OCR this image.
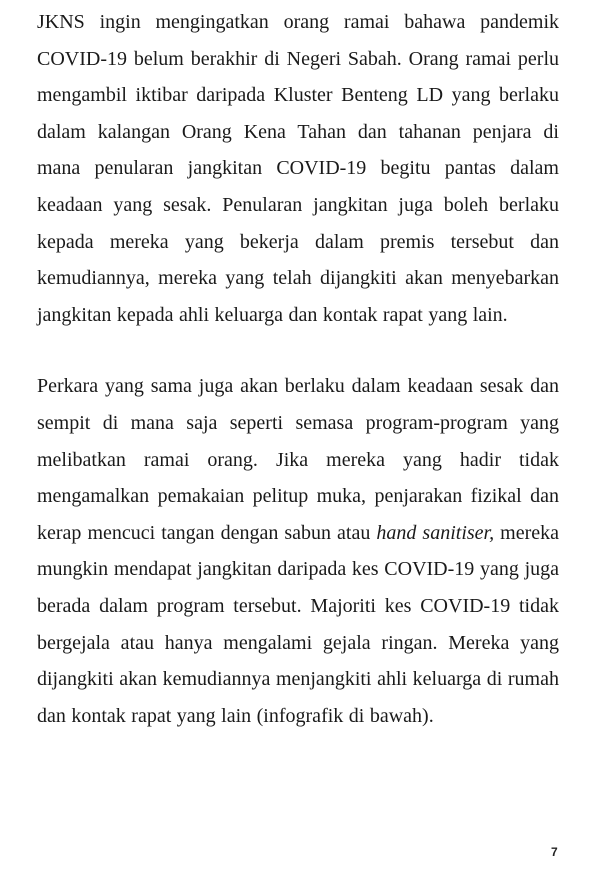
JKNS ingin mengingatkan orang ramai bahawa pandemik
COVID-19 belum berakhir di Negeri Sabah. Orang ramai perlu
mengambil iktibar daripada Kluster Benteng LD yang berlaku
dalam kalangan Orang Kena Tahan dan tahanan penjara di
mana penularan jangkitan COVID-19 begitu pantas dalam
keadaan yang sesak. Penularan jangkitan juga boleh berlaku
kepada mereka yang bekerja dalam premis tersebut dan
kemudiannya, mereka yang telah dijangkiti akan menyebarkan
jangkitan kepada ahli keluarga dan kontak rapat yang lain.

Perkara yang sama juga akan berlaku dalam keadaan sesak dan
sempit di mana saja seperti semasa program-program yang
melibatkan ramai orang. Jika mereka yang hadir tidak
mengamalkan pemakaian pelitup muka, penjarakan fizikal dan
kerap mencuci tangan dengan sabun atau hand sanitiser, mereka
mungkin mendapat jangkitan daripada kes COVID-19 yang juga
berada dalam program tersebut. Majoriti kes COVID-19 tidak
bergejala atau hanya mengalami gejala ringan. Mereka yang
dijangkiti akan kemudiannya menjangkiti ahli keluarga di rumah
dan kontak rapat yang lain (infografik di bawah).

7
